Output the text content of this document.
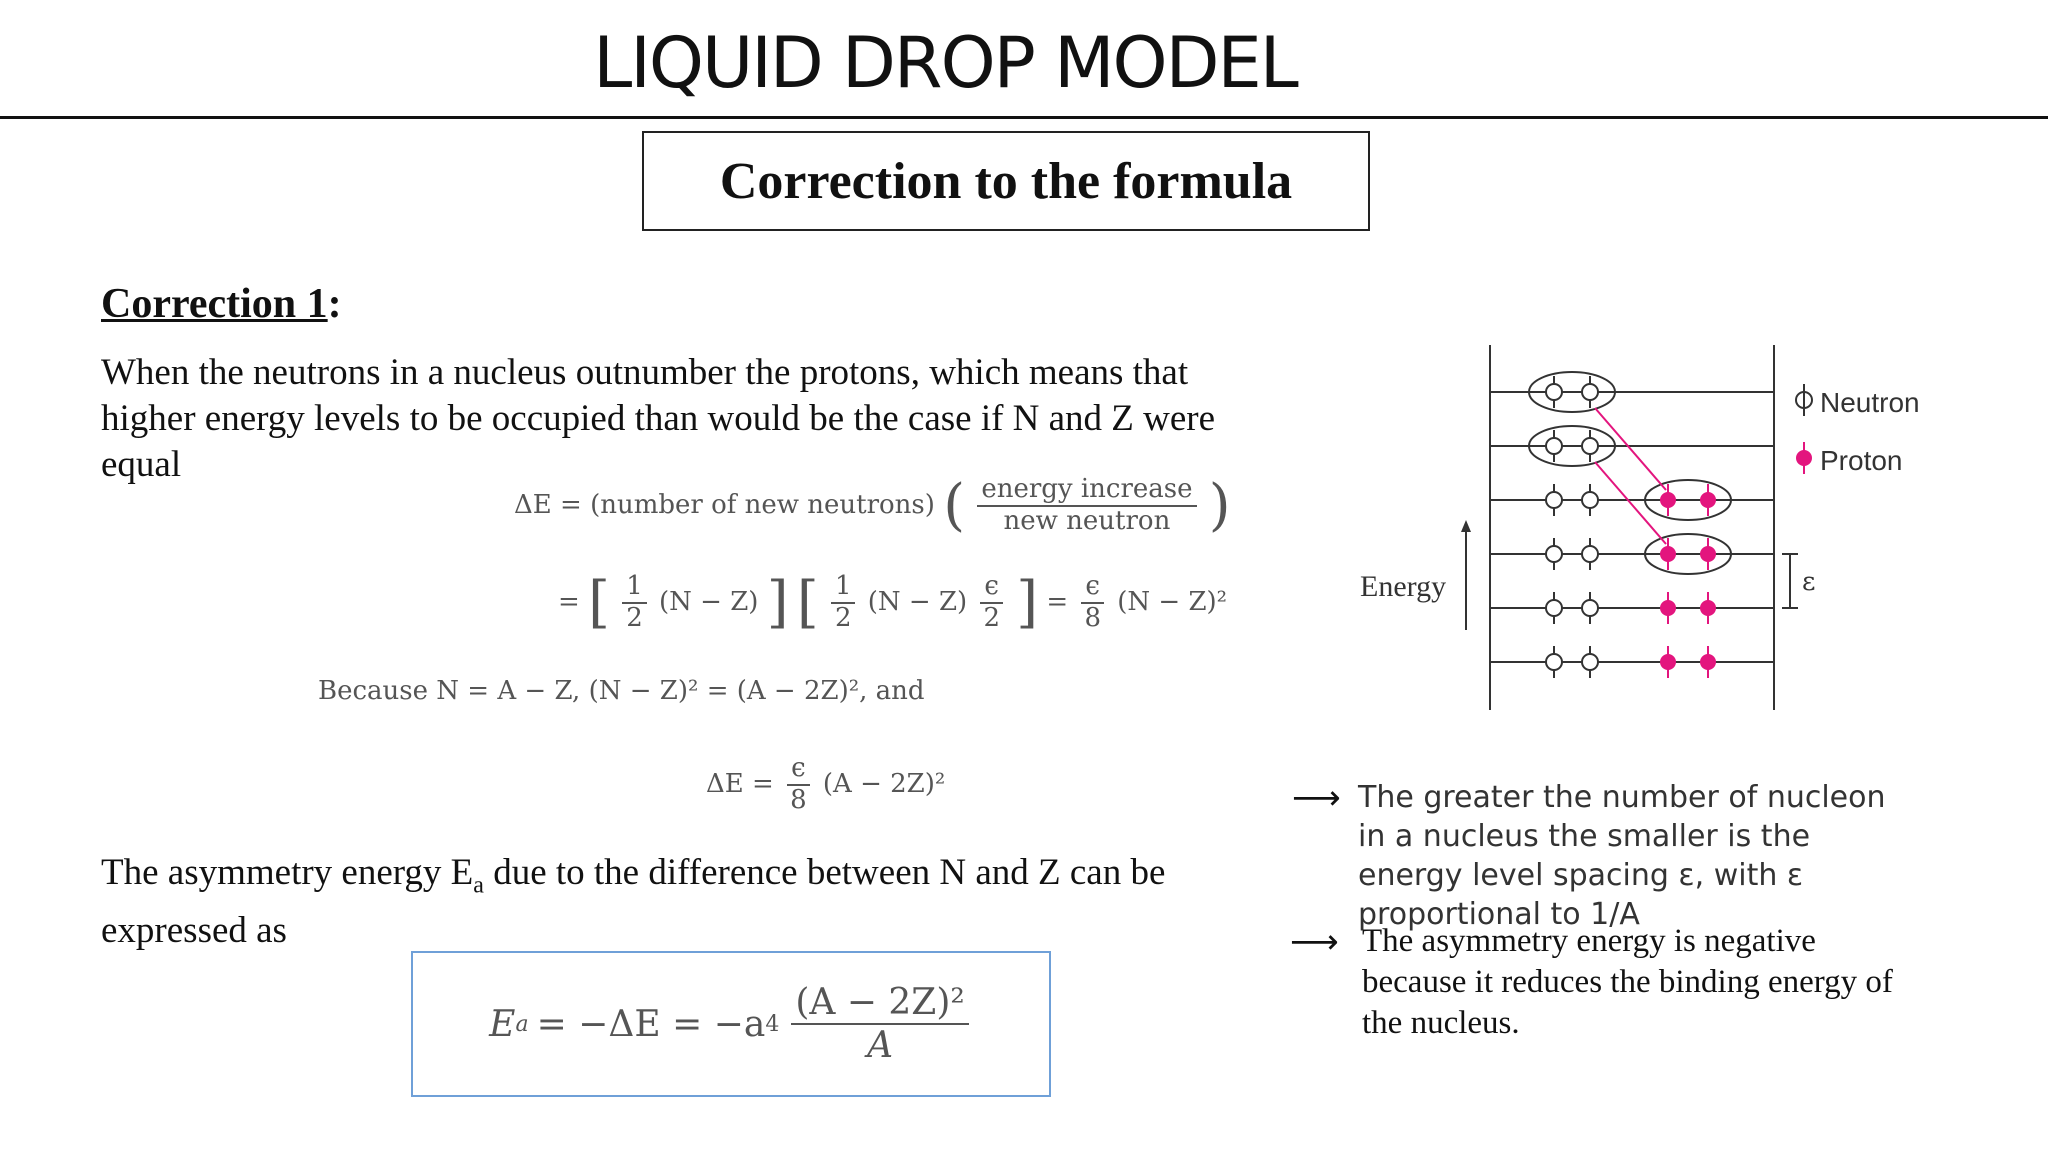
LIQUID DROP MODEL
Correction to the formula
Correction 1:
When the neutrons in a nucleus outnumber the protons, which means that higher energy levels to be occupied than would be the case if N and Z were equal
ΔE = (number of new neutrons) ( $\frac{\text{energy increase}}{\text{new neutron}}$ )
= [ $\frac{1}{2} (N - Z)$ ] [ $\frac{1}{2} (N - Z) \frac{\epsilon}{2}$ ] = $\frac{\epsilon}{8} (N - Z)^2$
Because N = A − Z, (N − Z)² = (A − 2Z)², and
$\Delta E = \frac{\epsilon}{8} (A - 2Z)^2$
The asymmetry energy $E_a$ due to the difference between N and Z can be expressed as
E a = −ΔE = −a $4 \frac{\text{(A − 2Z)²}}{A}$
Energy	ε
Neutron
Proton
⟶ The greater the number of nucleon in a nucleus the smaller is the energy level spacing ε, with ε proportional to 1/A
⟶ The asymmetry energy is negative because it reduces the binding energy of the nucleus.
